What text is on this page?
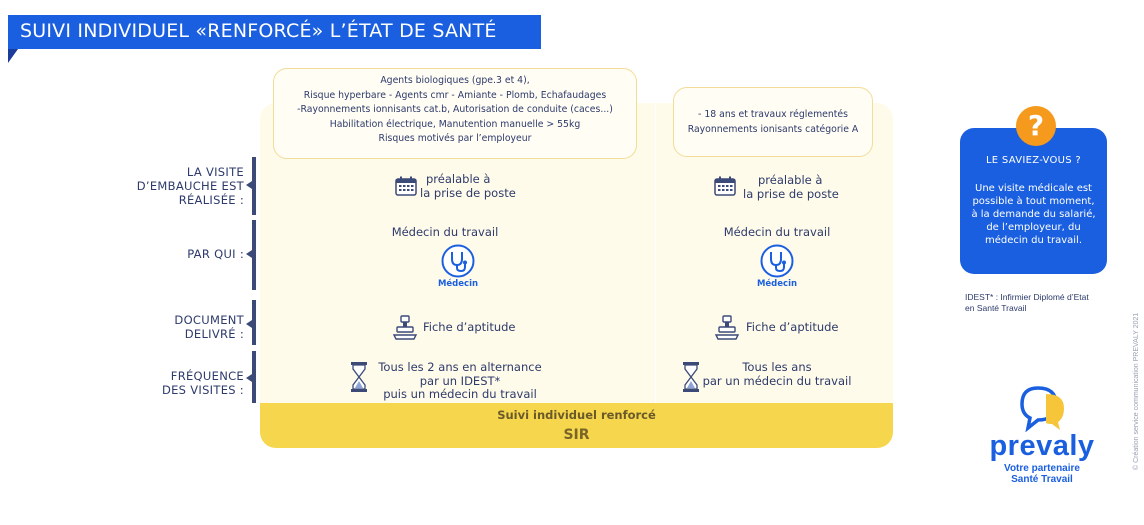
SUIVI INDIVIDUEL «RENFORCÉ» L’ÉTAT DE SANTÉ
Agents biologiques (gpe.3 et 4),
Risque hyperbare - Agents cmr - Amiante - Plomb, Echafaudages
-Rayonnements ionnisants cat.b, Autorisation de conduite (caces...)
Habilitation électrique, Manutention manuelle > 55kg
Risques motivés par l’employeur
- 18 ans et travaux réglementés
Rayonnements ionisants catégorie A
LA VISITE
D’EMBAUCHE EST
RÉALISÉE :
PAR QUI :
DOCUMENT
DELIVRÉ :
FRÉQUENCE
DES VISITES :
préalable à
la prise de poste
Médecin du travail
Médecin
Fiche d’aptitude
Tous les 2 ans en alternance
par un IDEST*
puis un médecin du travail
préalable à
la prise de poste
Médecin du travail
Médecin
Fiche d’aptitude
Tous les ans
par un médecin du travail
Suivi individuel renforcé
SIR
LE SAVIEZ-VOUS ?
Une visite médicale est
possible à tout moment,
à la demande du salarié,
de l’employeur, du
médecin du travail.
?
IDEST* : Infirmier Diplomé d’Etat
en Santé Travail
© Création service communication PREVALY 2021
prevaly
Votre partenaire
Santé Travail
